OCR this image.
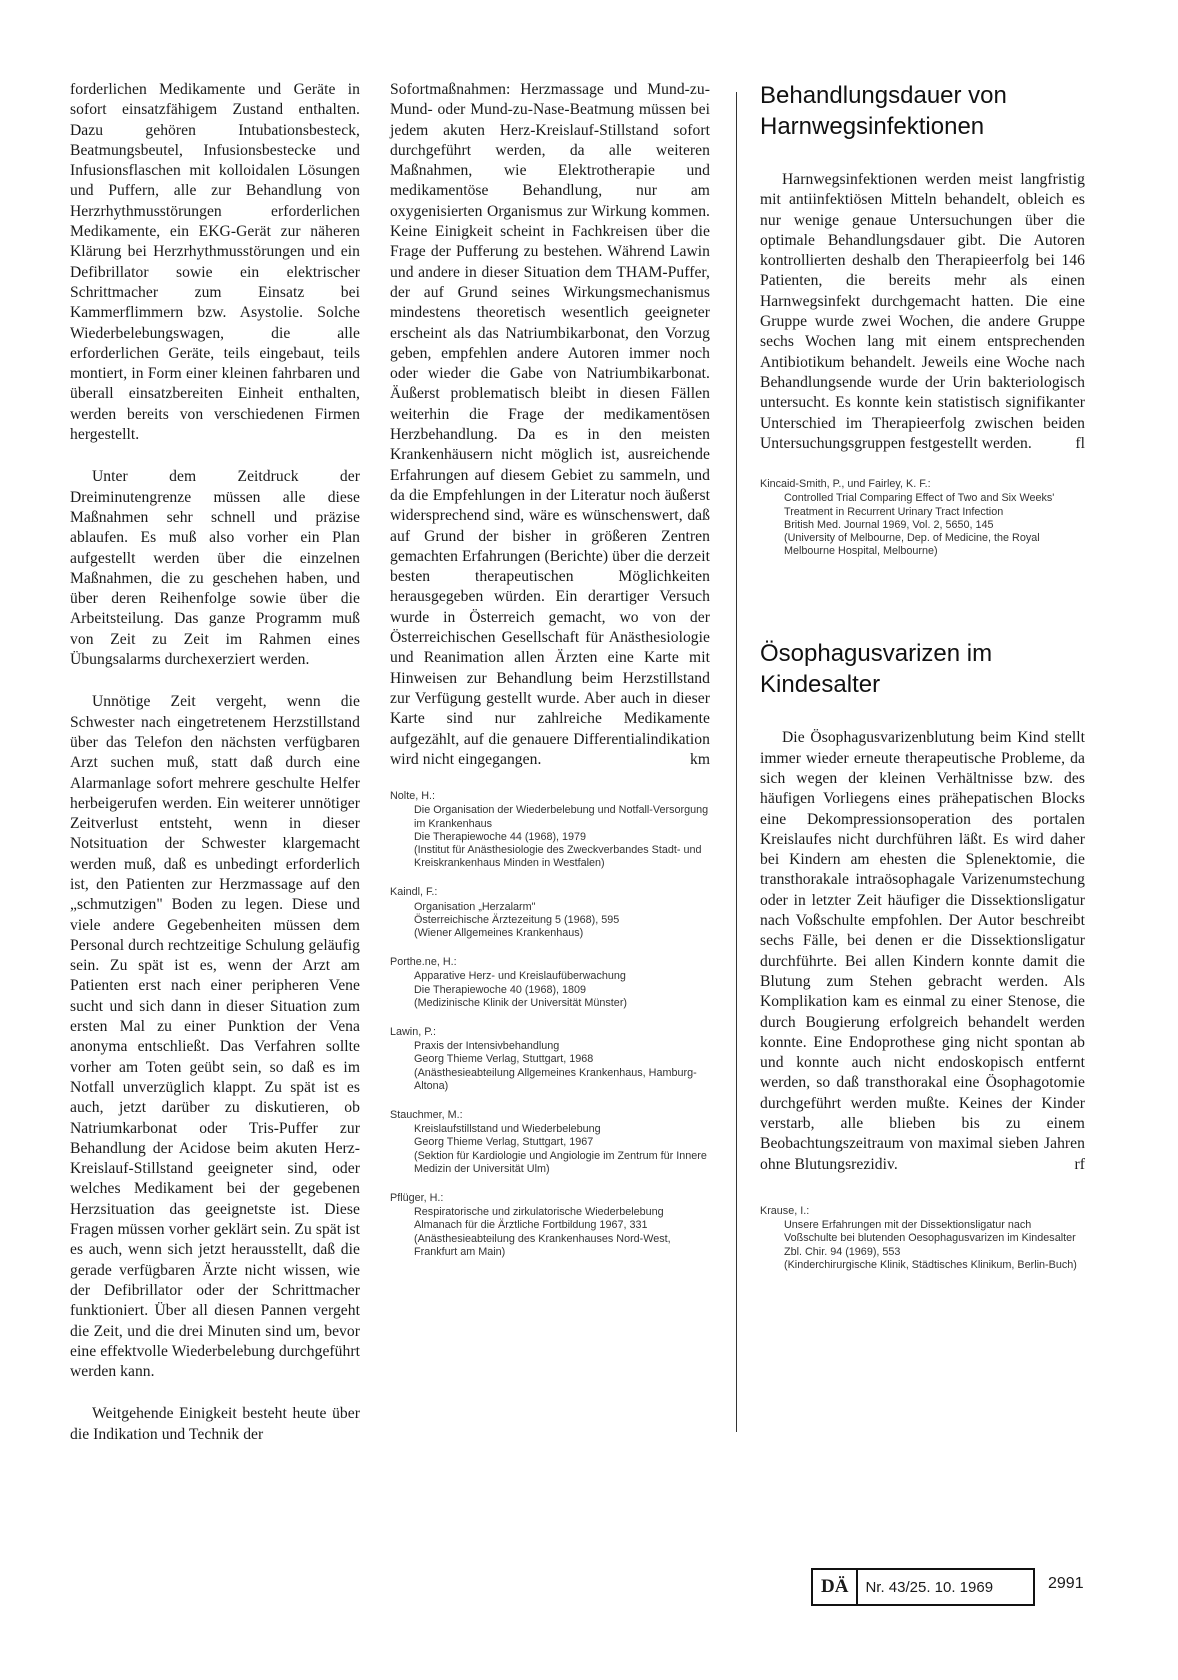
forderlichen Medikamente und Geräte in sofort einsatzfähigem Zustand enthalten. Dazu gehören Intubationsbesteck, Beatmungsbeutel, Infusionsbestecke und Infusionsflaschen mit kolloidalen Lösungen und Puffern, alle zur Behandlung von Herzrhythmusstörungen erforderlichen Medikamente, ein EKG-Gerät zur näheren Klärung bei Herzrhythmusstörungen und ein Defibrillator sowie ein elektrischer Schrittmacher zum Einsatz bei Kammerflimmern bzw. Asystolie. Solche Wiederbelebungswagen, die alle erforderlichen Geräte, teils eingebaut, teils montiert, in Form einer kleinen fahrbaren und überall einsatzbereiten Einheit enthalten, werden bereits von verschiedenen Firmen hergestellt.

Unter dem Zeitdruck der Dreiminutengrenze müssen alle diese Maßnahmen sehr schnell und präzise ablaufen. Es muß also vorher ein Plan aufgestellt werden über die einzelnen Maßnahmen, die zu geschehen haben, und über deren Reihenfolge sowie über die Arbeitsteilung. Das ganze Programm muß von Zeit zu Zeit im Rahmen eines Übungsalarms durchexerziert werden.

Unnötige Zeit vergeht, wenn die Schwester nach eingetretenem Herzstillstand über das Telefon den nächsten verfügbaren Arzt suchen muß, statt daß durch eine Alarmanlage sofort mehrere geschulte Helfer herbeigerufen werden. Ein weiterer unnötiger Zeitverlust entsteht, wenn in dieser Notsituation der Schwester klargemacht werden muß, daß es unbedingt erforderlich ist, den Patienten zur Herzmassage auf den „schmutzigen" Boden zu legen. Diese und viele andere Gegebenheiten müssen dem Personal durch rechtzeitige Schulung geläufig sein. Zu spät ist es, wenn der Arzt am Patienten erst nach einer peripheren Vene sucht und sich dann in dieser Situation zum ersten Mal zu einer Punktion der Vena anonyma entschließt. Das Verfahren sollte vorher am Toten geübt sein, so daß es im Notfall unverzüglich klappt. Zu spät ist es auch, jetzt darüber zu diskutieren, ob Natriumkarbonat oder Tris-Puffer zur Behandlung der Acidose beim akuten Herz-Kreislauf-Stillstand geeigneter sind, oder welches Medikament bei der gegebenen Herzsituation das geeignetste ist. Diese Fragen müssen vorher geklärt sein. Zu spät ist es auch, wenn sich jetzt herausstellt, daß die gerade verfügbaren Ärzte nicht wissen, wie der Defibrillator oder der Schrittmacher funktioniert. Über all diesen Pannen vergeht die Zeit, und die drei Minuten sind um, bevor eine effektvolle Wiederbelebung durchgeführt werden kann.

Weitgehende Einigkeit besteht heute über die Indikation und Technik der

Sofortmaßnahmen: Herzmassage und Mund-zu-Mund- oder Mund-zu-Nase-Beatmung müssen bei jedem akuten Herz-Kreislauf-Stillstand sofort durchgeführt werden, da alle weiteren Maßnahmen, wie Elektrotherapie und medikamentöse Behandlung, nur am oxygenisierten Organismus zur Wirkung kommen. Keine Einigkeit scheint in Fachkreisen über die Frage der Pufferung zu bestehen. Während Lawin und andere in dieser Situation dem THAM-Puffer, der auf Grund seines Wirkungsmechanismus mindestens theoretisch wesentlich geeigneter erscheint als das Natriumbikarbonat, den Vorzug geben, empfehlen andere Autoren immer noch oder wieder die Gabe von Natriumbikarbonat. Äußerst problematisch bleibt in diesen Fällen weiterhin die Frage der medikamentösen Herzbehandlung. Da es in den meisten Krankenhäusern nicht möglich ist, ausreichende Erfahrungen auf diesem Gebiet zu sammeln, und da die Empfehlungen in der Literatur noch äußerst widersprechend sind, wäre es wünschenswert, daß auf Grund der bisher in größeren Zentren gemachten Erfahrungen (Berichte) über die derzeit besten therapeutischen Möglichkeiten herausgegeben würden. Ein derartiger Versuch wurde in Österreich gemacht, wo von der Österreichischen Gesellschaft für Anästhesiologie und Reanimation allen Ärzten eine Karte mit Hinweisen zur Behandlung beim Herzstillstand zur Verfügung gestellt wurde. Aber auch in dieser Karte sind nur zahlreiche Medikamente aufgezählt, auf die genauere Differentialindikation wird nicht eingegangen.	km

Nolte, H.:
Die Organisation der Wiederbelebung und Notfall-Versorgung im Krankenhaus
Die Therapiewoche 44 (1968), 1979
(Institut für Anästhesiologie des Zweckverbandes Stadt- und Kreiskrankenhaus Minden in Westfalen)
Kaindl, F.:
Organisation „Herzalarm"
Österreichische Ärztezeitung 5 (1968), 595
(Wiener Allgemeines Krankenhaus)
Porthe.ne, H.:
Apparative Herz- und Kreislaufüberwachung
Die Therapiewoche 40 (1968), 1809
(Medizinische Klinik der Universität Münster)
Lawin, P.:
Praxis der Intensivbehandlung
Georg Thieme Verlag, Stuttgart, 1968
(Anästhesieabteilung Allgemeines Krankenhaus, Hamburg-Altona)
Stauchmer, M.:
Kreislaufstillstand und Wiederbelebung
Georg Thieme Verlag, Stuttgart, 1967
(Sektion für Kardiologie und Angiologie im Zentrum für Innere Medizin der Universität Ulm)
Pflüger, H.:
Respiratorische und zirkulatorische Wiederbelebung
Almanach für die Ärztliche Fortbildung 1967, 331
(Anästhesieabteilung des Krankenhauses Nord-West, Frankfurt am Main)
Behandlungsdauer von Harnwegsinfektionen

Harnwegsinfektionen werden meist langfristig mit antiinfektiösen Mitteln behandelt, obleich es nur wenige genaue Untersuchungen über die optimale Behandlungsdauer gibt. Die Autoren kontrollierten deshalb den Therapieerfolg bei 146 Patienten, die bereits mehr als einen Harnwegsinfekt durchgemacht hatten. Die eine Gruppe wurde zwei Wochen, die andere Gruppe sechs Wochen lang mit einem entsprechenden Antibiotikum behandelt. Jeweils eine Woche nach Behandlungsende wurde der Urin bakteriologisch untersucht. Es konnte kein statistisch signifikanter Unterschied im Therapieerfolg zwischen beiden Untersuchungsgruppen festgestellt werden.	fl

Kincaid-Smith, P., und Fairley, K. F.:
Controlled Trial Comparing Effect of Two and Six Weeks' Treatment in Recurrent Urinary Tract Infection
British Med. Journal 1969, Vol. 2, 5650, 145
(University of Melbourne, Dep. of Medicine, the Royal Melbourne Hospital, Melbourne)
Ösophagusvarizen im Kindesalter

Die Ösophagusvarizenblutung beim Kind stellt immer wieder erneute therapeutische Probleme, da sich wegen der kleinen Verhältnisse bzw. des häufigen Vorliegens eines prähepatischen Blocks eine Dekompressionsoperation des portalen Kreislaufes nicht durchführen läßt. Es wird daher bei Kindern am ehesten die Splenektomie, die transthorakale intraösophagale Varizenumstechung oder in letzter Zeit häufiger die Dissektionsligatur nach Voßschulte empfohlen. Der Autor beschreibt sechs Fälle, bei denen er die Dissektionsligatur durchführte. Bei allen Kindern konnte damit die Blutung zum Stehen gebracht werden. Als Komplikation kam es einmal zu einer Stenose, die durch Bougierung erfolgreich behandelt werden konnte. Eine Endoprothese ging nicht spontan ab und konnte auch nicht endoskopisch entfernt werden, so daß transthorakal eine Ösophagotomie durchgeführt werden mußte. Keines der Kinder verstarb, alle blieben bis zu einem Beobachtungszeitraum von maximal sieben Jahren ohne Blutungsrezidiv.	rf

Krause, I.:
Unsere Erfahrungen mit der Dissektionsligatur nach Voßschulte bei blutenden Oesophagusvarizen im Kindesalter
Zbl. Chir. 94 (1969), 553
(Kinderchirurgische Klinik, Städtisches Klinikum, Berlin-Buch)
DÄ	Nr. 43/25. 10. 1969	2991
